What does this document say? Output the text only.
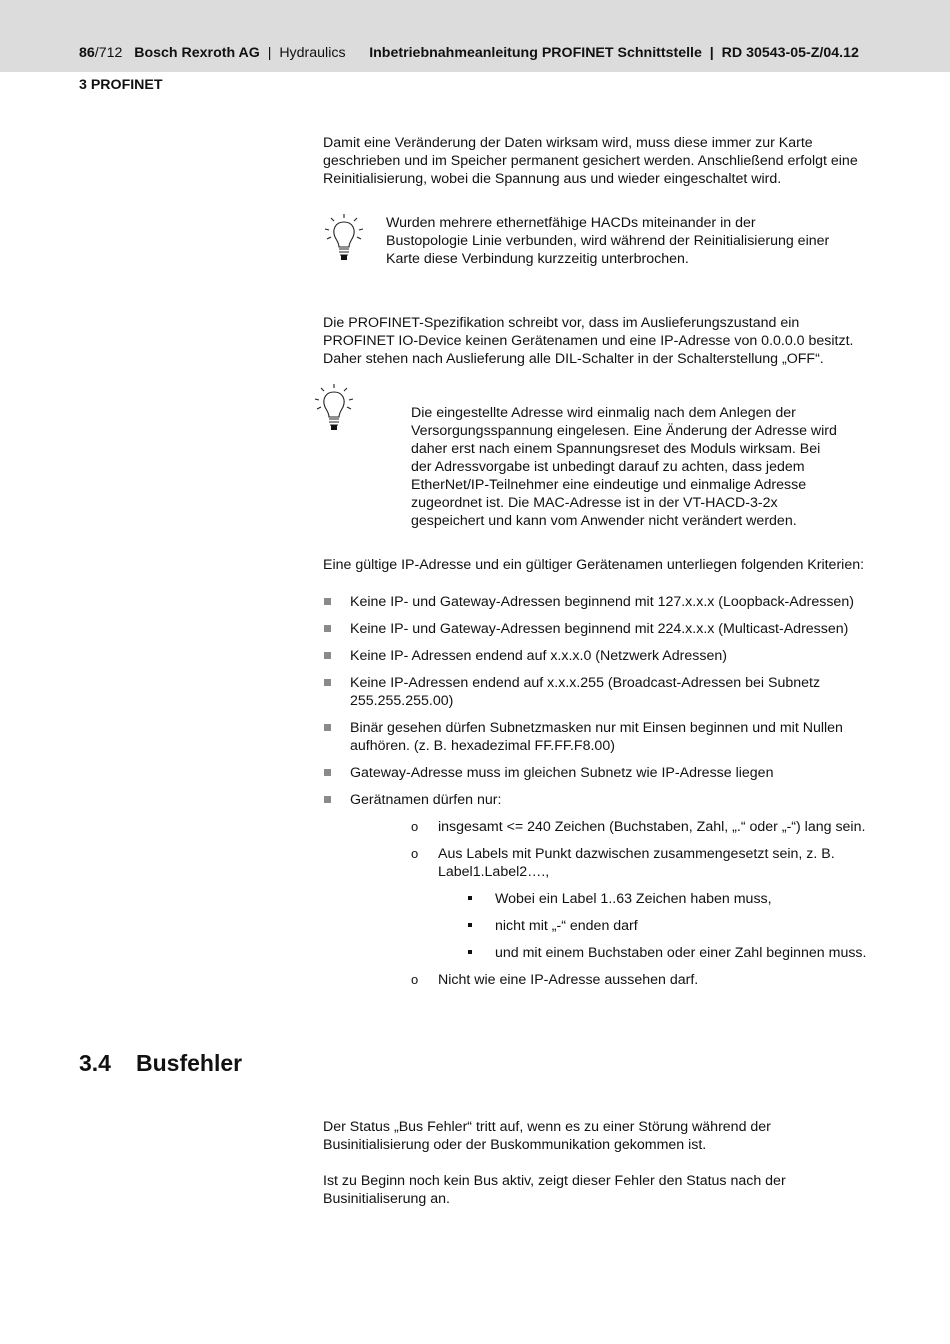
86/712 Bosch Rexroth AG | Hydraulics Inbetriebnahmeanleitung PROFINET Schnittstelle | RD 30543-05-Z/04.12
3 PROFINET

Damit eine Veränderung der Daten wirksam wird, muss diese immer zur Karte geschrieben und im Speicher permanent gesichert werden. Anschließend erfolgt eine Reinitialisierung, wobei die Spannung aus und wieder eingeschaltet wird.

Wurden mehrere ethernetfähige HACDs miteinander in der Bustopologie Linie verbunden, wird während der Reinitialisierung einer Karte diese Verbindung kurzzeitig unterbrochen.

Die PROFINET-Spezifikation schreibt vor, dass im Auslieferungszustand ein PROFINET IO-Device keinen Gerätenamen und eine IP-Adresse von 0.0.0.0 besitzt. Daher stehen nach Auslieferung alle DIL-Schalter in der Schalterstellung „OFF“.

Die eingestellte Adresse wird einmalig nach dem Anlegen der Versorgungsspannung eingelesen. Eine Änderung der Adresse wird daher erst nach einem Spannungsreset des Moduls wirksam. Bei der Adressvorgabe ist unbedingt darauf zu achten, dass jedem EtherNet/IP-Teilnehmer eine eindeutige und einmalige Adresse zugeordnet ist. Die MAC-Adresse ist in der VT-HACD-3-2x gespeichert und kann vom Anwender nicht verändert werden.

Eine gültige IP-Adresse und ein gültiger Gerätenamen unterliegen folgenden Kriterien:

Keine IP- und Gateway-Adressen beginnend mit 127.x.x.x (Loopback-Adressen)
Keine IP- und Gateway-Adressen beginnend mit 224.x.x.x (Multicast-Adressen)
Keine IP- Adressen endend auf x.x.x.0 (Netzwerk Adressen)
Keine IP-Adressen endend auf x.x.x.255 (Broadcast-Adressen bei Subnetz 255.255.255.00)
Binär gesehen dürfen Subnetzmasken nur mit Einsen beginnen und mit Nullen aufhören. (z. B. hexadezimal FF.FF.F8.00)
Gateway-Adresse muss im gleichen Subnetz wie IP-Adresse liegen
Gerätnamen dürfen nur:
o insgesamt <= 240 Zeichen (Buchstaben, Zahl, „.“ oder „-“) lang sein.
o Aus Labels mit Punkt dazwischen zusammengesetzt sein, z. B. Label1.Label2….,
Wobei ein Label 1..63 Zeichen haben muss,
nicht mit „-“ enden darf
und mit einem Buchstaben oder einer Zahl beginnen muss.
o Nicht wie eine IP-Adresse aussehen darf.
3.4 Busfehler

Der Status „Bus Fehler“ tritt auf, wenn es zu einer Störung während der Businitialisierung oder der Buskommunikation gekommen ist.

Ist zu Beginn noch kein Bus aktiv, zeigt dieser Fehler den Status nach der Businitialiserung an.
